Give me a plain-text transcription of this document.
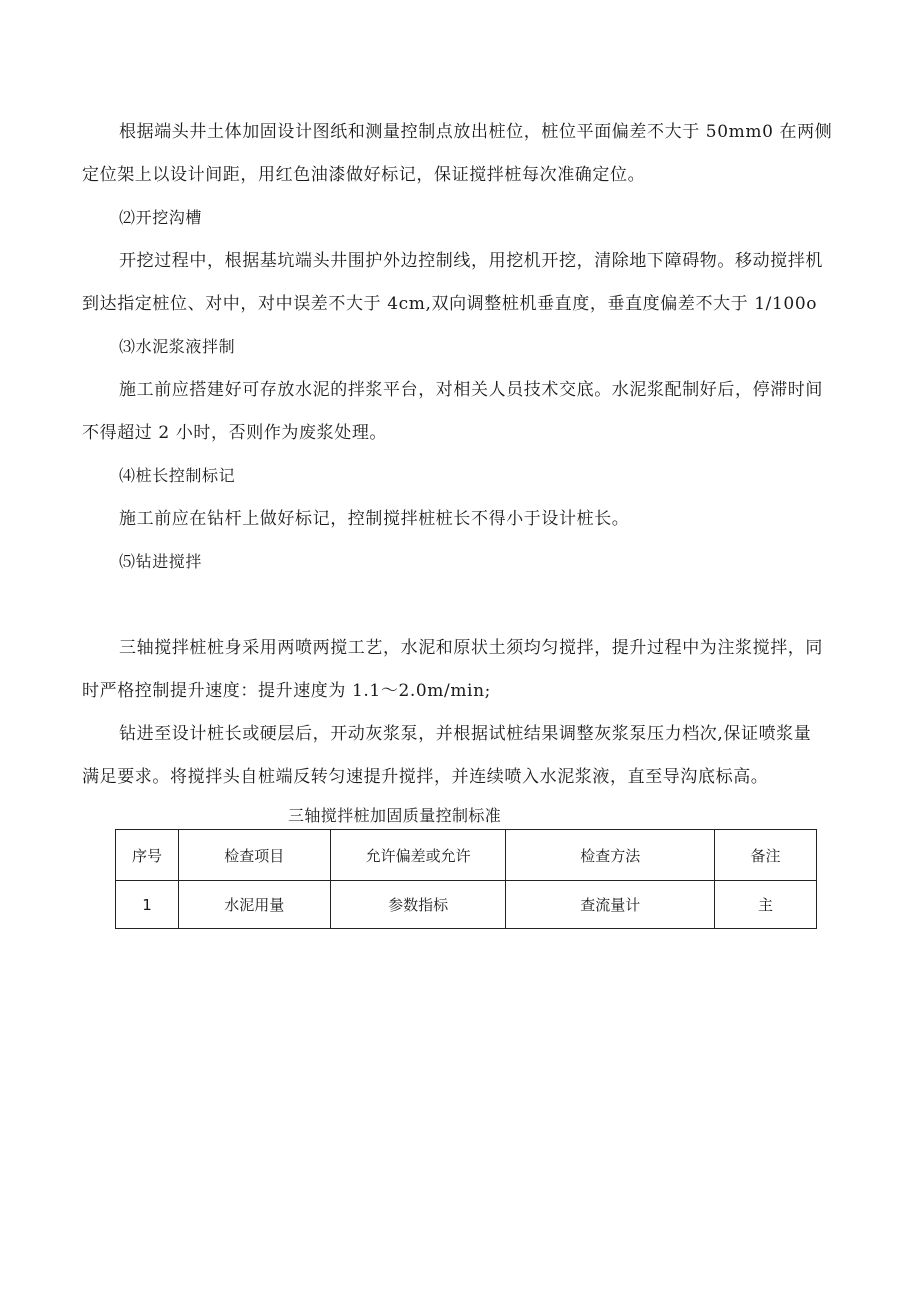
根据端头井土体加固设计图纸和测量控制点放出桩位，桩位平面偏差不大于 50mm0 在两侧
定位架上以设计间距，用红色油漆做好标记，保证搅拌桩每次准确定位。
⑵开挖沟槽
开挖过程中，根据基坑端头井围护外边控制线，用挖机开挖，清除地下障碍物。移动搅拌机
到达指定桩位、对中，对中误差不大于 4cm,双向调整桩机垂直度，垂直度偏差不大于 1/100o
⑶水泥浆液拌制
施工前应搭建好可存放水泥的拌浆平台，对相关人员技术交底。水泥浆配制好后，停滞时间
不得超过 2 小时，否则作为废浆处理。
⑷桩长控制标记
施工前应在钻杆上做好标记，控制搅拌桩桩长不得小于设计桩长。
⑸钻进搅拌
三轴搅拌桩桩身采用两喷两搅工艺，水泥和原状土须均匀搅拌，提升过程中为注浆搅拌，同
时严格控制提升速度：提升速度为 1.1～2.0m/min;
钻进至设计桩长或硬层后，开动灰浆泵，并根据试桩结果调整灰浆泵压力档次,保证喷浆量
满足要求。将搅拌头自桩端反转匀速提升搅拌，并连续喷入水泥浆液，直至导沟底标高。
三轴搅拌桩加固质量控制标准
序号	检查项目	允许偏差或允许	检查方法	备注
1	水泥用量	参数指标	查流量计	主
